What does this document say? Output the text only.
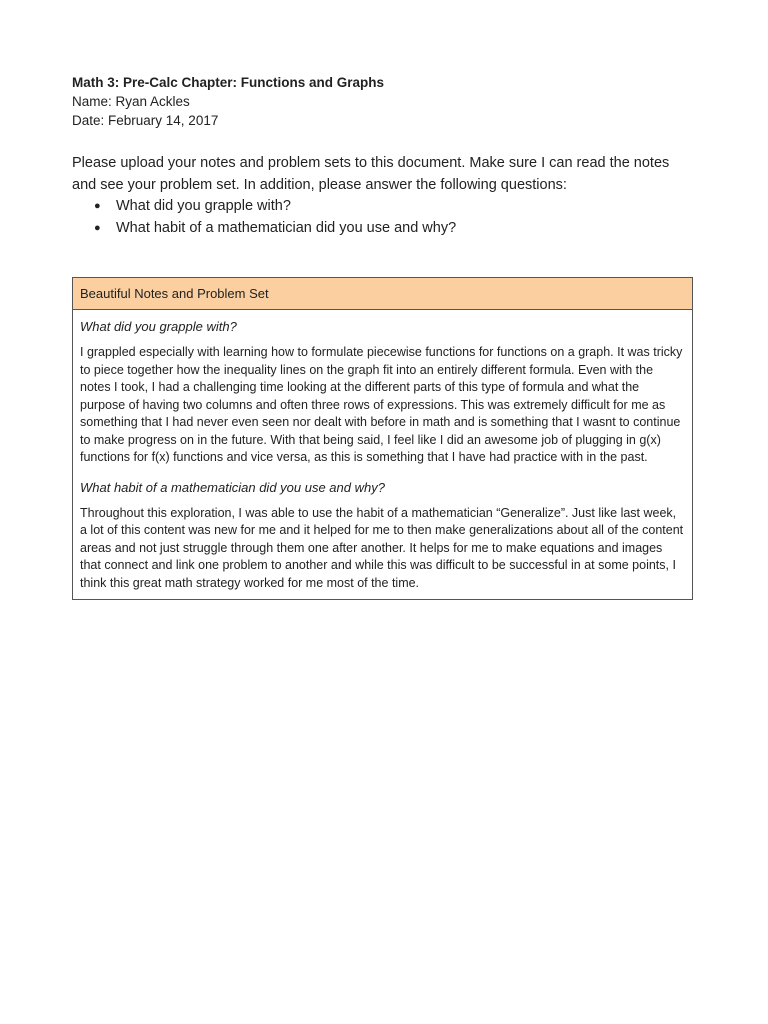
Math 3: Pre-Calc Chapter: Functions and Graphs

Name: Ryan Ackles

Date: February 14, 2017

Please upload your notes and problem sets to this document. Make sure I can read the notes and see your problem set. In addition, please answer the following questions:

● What did you grapple with?
● What habit of a mathematician did you use and why?
Beautiful Notes and Problem Set

What did you grapple with?

I grappled especially with learning how to formulate piecewise functions for functions on a graph. It was tricky to piece together how the inequality lines on the graph fit into an entirely different formula. Even with the notes I took, I had a challenging time looking at the different parts of this type of formula and what the purpose of having two columns and often three rows of expressions. This was extremely difficult for me as something that I had never even seen nor dealt with before in math and is something that I wasnt to continue to make progress on in the future. With that being said, I feel like I did an awesome job of plugging in g(x) functions for f(x) functions and vice versa, as this is something that I have had practice with in the past.

What habit of a mathematician did you use and why?

Throughout this exploration, I was able to use the habit of a mathematician “Generalize”. Just like last week, a lot of this content was new for me and it helped for me to then make generalizations about all of the content areas and not just struggle through them one after another. It helps for me to make equations and images that connect and link one problem to another and while this was difficult to be successful in at some points, I think this great math strategy worked for me most of the time.
